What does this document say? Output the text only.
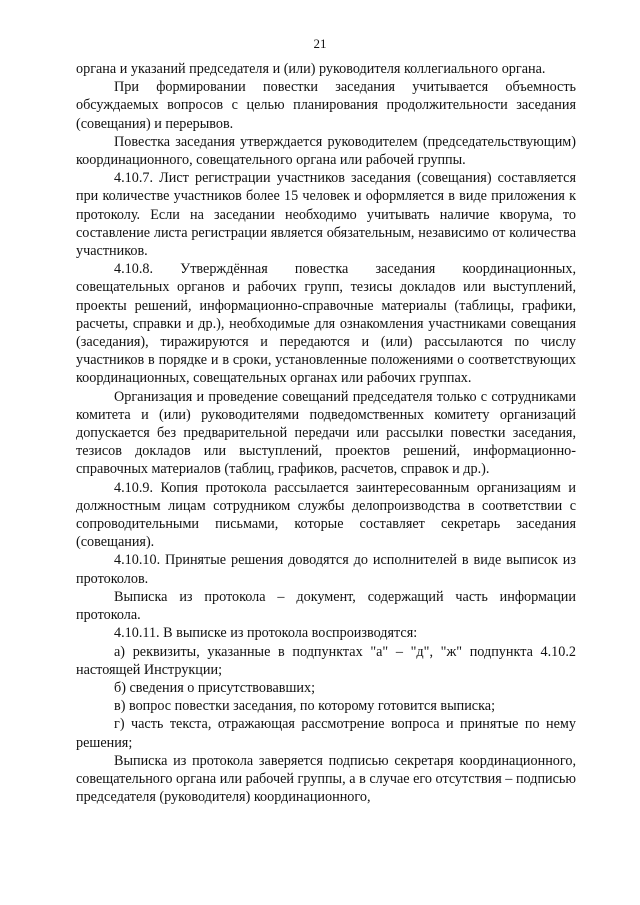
21

органа и указаний председателя и (или) руководителя коллегиального органа.

При формировании повестки заседания учитывается объемность обсуждаемых вопросов с целью планирования продолжительности заседания (совещания) и перерывов.

Повестка заседания утверждается руководителем (председательствующим) координационного, совещательного органа или рабочей группы.

4.10.7. Лист регистрации участников заседания (совещания) составляется при количестве участников более 15 человек и оформляется в виде приложения к протоколу. Если на заседании необходимо учитывать наличие кворума, то составление листа регистрации является обязательным, независимо от количества участников.

4.10.8. Утверждённая повестка заседания координационных, совещательных органов и рабочих групп, тезисы докладов или выступлений, проекты решений, информационно-справочные материалы (таблицы, графики, расчеты, справки и др.), необходимые для ознакомления участниками совещания (заседания), тиражируются и передаются и (или) рассылаются по числу участников в порядке и в сроки, установленные положениями о соответствующих координационных, совещательных органах или рабочих группах.

Организация и проведение совещаний председателя только с сотрудниками комитета и (или) руководителями подведомственных комитету организаций допускается без предварительной передачи или рассылки повестки заседания, тезисов докладов или выступлений, проектов решений, информационно-справочных материалов (таблиц, графиков, расчетов, справок и др.).

4.10.9. Копия протокола рассылается заинтересованным организациям и должностным лицам сотрудником службы делопроизводства в соответствии с сопроводительными письмами, которые составляет секретарь заседания (совещания).

4.10.10. Принятые решения доводятся до исполнителей в виде выписок из протоколов.

Выписка из протокола – документ, содержащий часть информации протокола.

4.10.11. В выписке из протокола воспроизводятся:

а) реквизиты, указанные в подпунктах "а" – "д", "ж" подпункта 4.10.2 настоящей Инструкции;

б) сведения о присутствовавших;

в) вопрос повестки заседания, по которому готовится выписка;

г) часть текста, отражающая рассмотрение вопроса и принятые по нему решения;

Выписка из протокола заверяется подписью секретаря координационного, совещательного органа или рабочей группы, а в случае его отсутствия – подписью председателя (руководителя) координационного,
